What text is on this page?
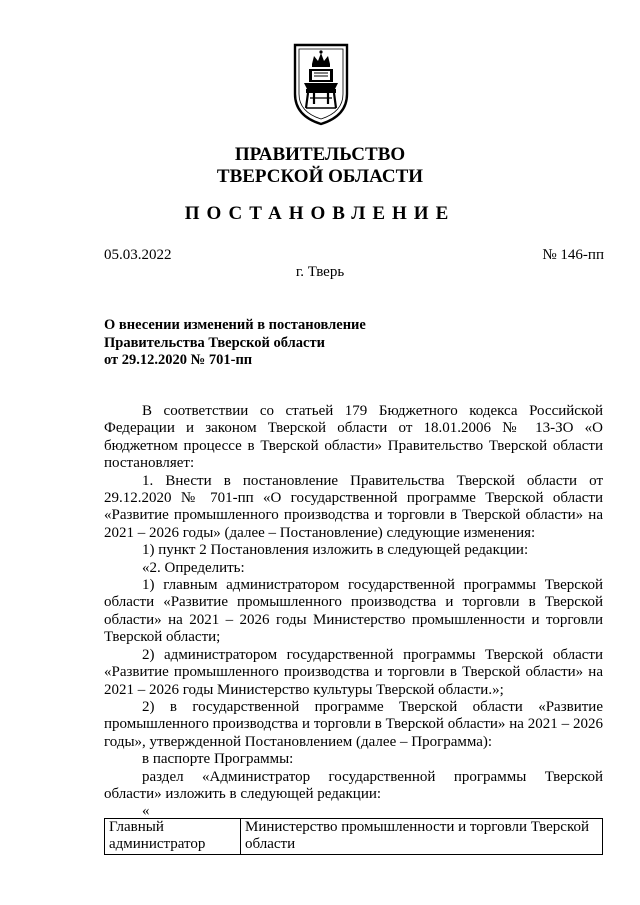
ПРАВИТЕЛЬСТВО
ТВЕРСКОЙ ОБЛАСТИ
ПОСТАНОВЛЕНИЕ
05.03.2022	№ 146-пп
г. Тверь
О внесении изменений в постановление
Правительства Тверской области
от 29.12.2020 № 701-пп

В соответствии со статьей 179 Бюджетного кодекса Российской Федерации и законом Тверской области от 18.01.2006 № 13-ЗО «О бюджетном процессе в Тверской области» Правительство Тверской области постановляет:

1. Внести в постановление Правительства Тверской области от 29.12.2020 № 701-пп «О государственной программе Тверской области «Развитие промышленного производства и торговли в Тверской области» на 2021 – 2026 годы» (далее – Постановление) следующие изменения:

1) пункт 2 Постановления изложить в следующей редакции:

«2. Определить:

1) главным администратором государственной программы Тверской области «Развитие промышленного производства и торговли в Тверской области» на 2021 – 2026 годы Министерство промышленности и торговли Тверской области;

2) администратором государственной программы Тверской области «Развитие промышленного производства и торговли в Тверской области» на 2021 – 2026 годы Министерство культуры Тверской области.»;

2) в государственной программе Тверской области «Развитие промышленного производства и торговли в Тверской области» на 2021 – 2026 годы», утвержденной Постановлением (далее – Программа):

в паспорте Программы:

раздел «Администратор государственной программы Тверской области» изложить в следующей редакции:

«

Главный администратор	Министерство промышленности и торговли Тверской области
